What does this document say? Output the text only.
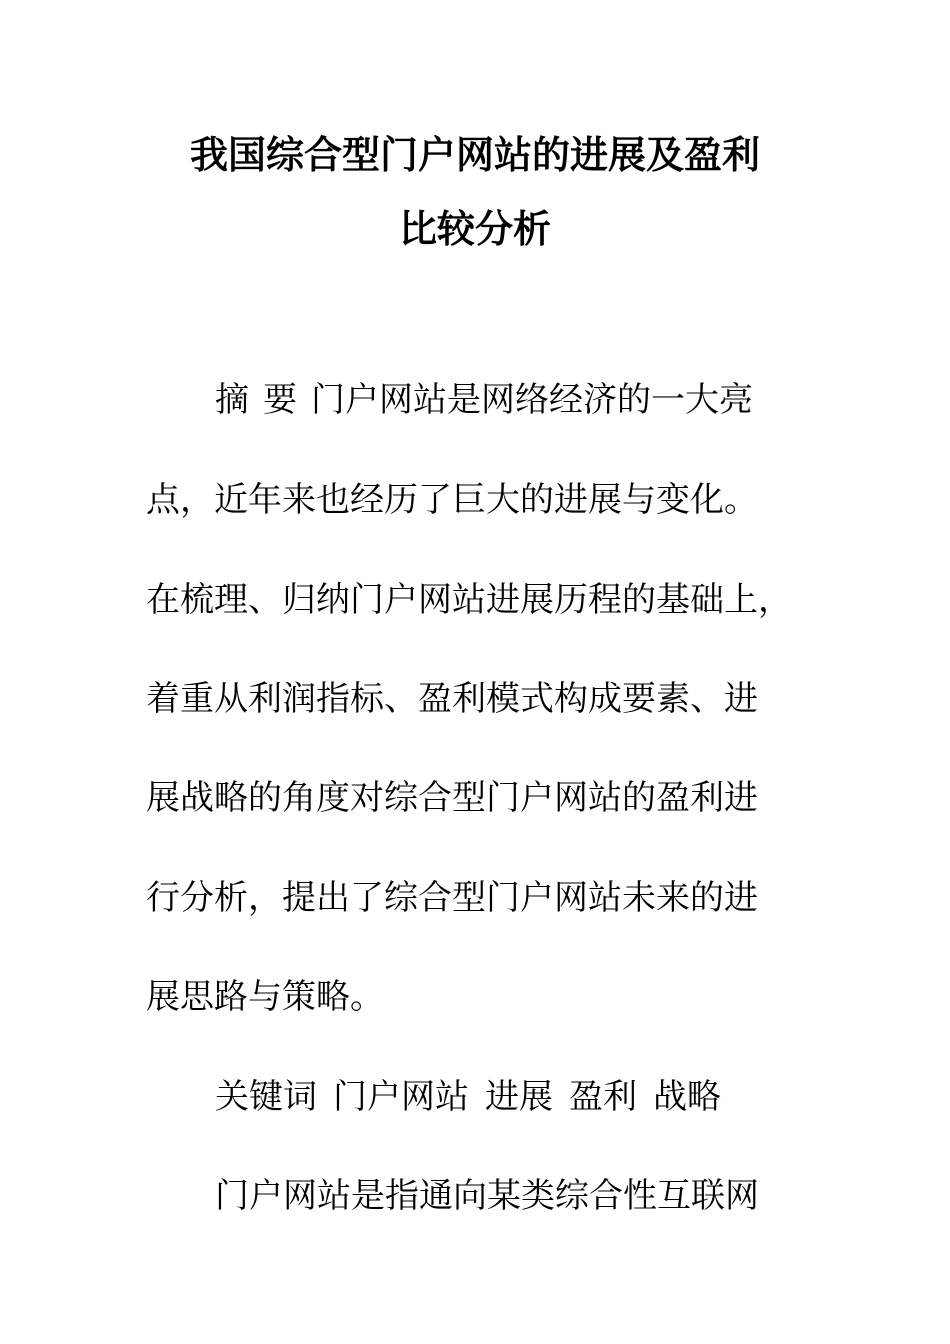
我国综合型门户网站的进展及盈利
比较分析
摘 要 门户网站是网络经济的一大亮
点，近年来也经历了巨大的进展与变化。
在梳理、归纳门户网站进展历程的基础上，
着重从利润指标、盈利模式构成要素、进
展战略的角度对综合型门户网站的盈利进
行分析，提出了综合型门户网站未来的进
展思路与策略。
关键词 门户网站 进展 盈利 战略
门户网站是指通向某类综合性互联网
